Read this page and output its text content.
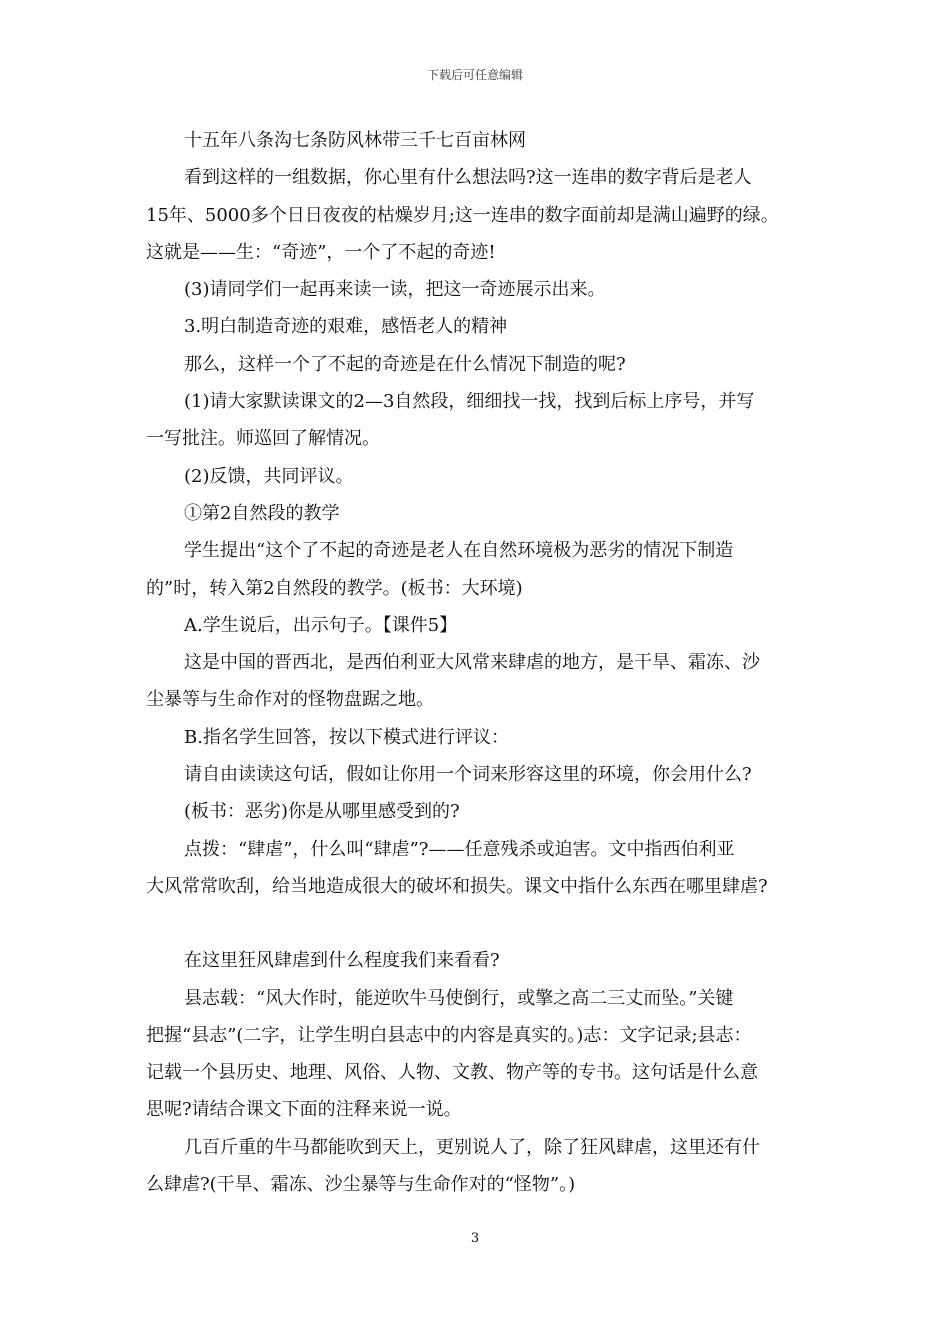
下载后可任意编辑

十五年八条沟七条防风林带三千七百亩林网

看到这样的一组数据，你心里有什么想法吗?这一连串的数字背后是老人

15年、5000多个日日夜夜的枯燥岁月;这一连串的数字面前却是满山遍野的绿。

这就是——生：“奇迹”，一个了不起的奇迹!

(3)请同学们一起再来读一读，把这一奇迹展示出来。

3.明白制造奇迹的艰难，感悟老人的精神

那么，这样一个了不起的奇迹是在什么情况下制造的呢?

(1)请大家默读课文的2—3自然段，细细找一找，找到后标上序号，并写

一写批注。师巡回了解情况。

(2)反馈，共同评议。

①第2自然段的教学

学生提出“这个了不起的奇迹是老人在自然环境极为恶劣的情况下制造

的”时，转入第2自然段的教学。(板书：大环境)

A.学生说后，出示句子。【课件5】

这是中国的晋西北，是西伯利亚大风常来肆虐的地方，是干旱、霜冻、沙

尘暴等与生命作对的怪物盘踞之地。

B.指名学生回答，按以下模式进行评议：

请自由读读这句话，假如让你用一个词来形容这里的环境，你会用什么?

(板书：恶劣)你是从哪里感受到的?

点拨：“肆虐”，什么叫“肆虐”?——任意残杀或迫害。文中指西伯利亚

大风常常吹刮，给当地造成很大的破坏和损失。课文中指什么东西在哪里肆虐?

在这里狂风肆虐到什么程度我们来看看?

县志载：“风大作时，能逆吹牛马使倒行，或擎之高二三丈而坠。”关键

把握“县志”(二字，让学生明白县志中的内容是真实的。)志：文字记录;县志：

记载一个县历史、地理、风俗、人物、文教、物产等的专书。这句话是什么意

思呢?请结合课文下面的注释来说一说。

几百斤重的牛马都能吹到天上，更别说人了，除了狂风肆虐，这里还有什

么肆虐?(干旱、霜冻、沙尘暴等与生命作对的“怪物”。)

3
